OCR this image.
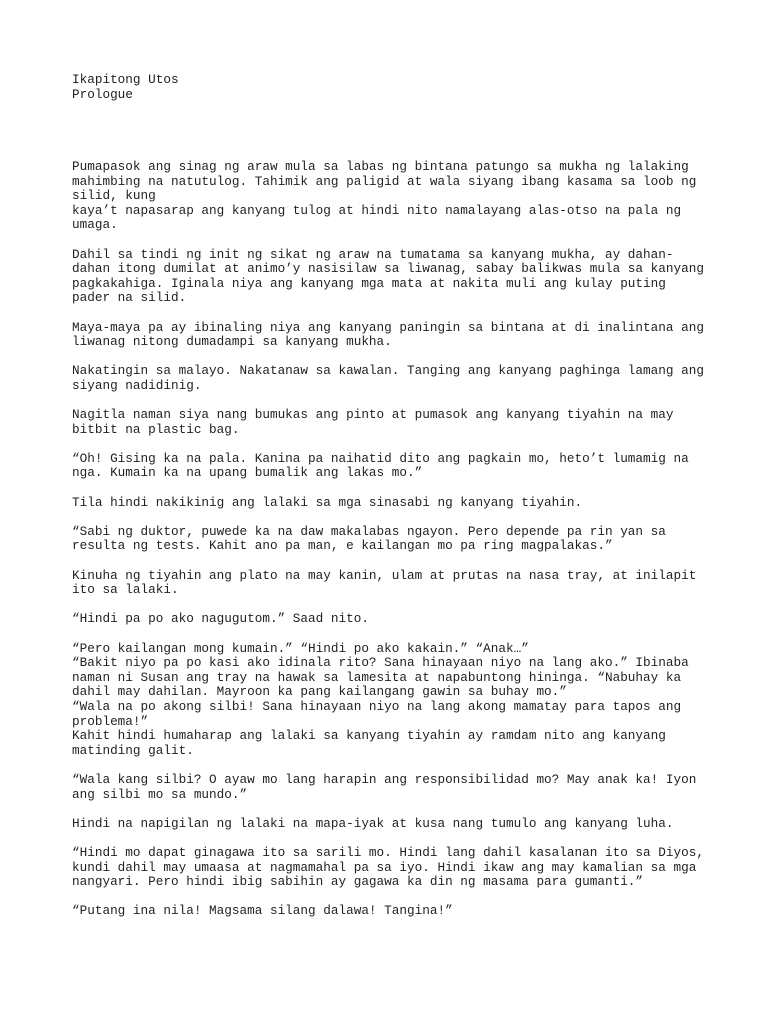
Ikapitong Utos
Prologue
Pumapasok ang sinag ng araw mula sa labas ng bintana patungo sa mukha ng lalaking
mahimbing na natutulog. Tahimik ang paligid at wala siyang ibang kasama sa loob ng
silid, kung
kaya’t napasarap ang kanyang tulog at hindi nito namalayang alas-otso na pala ng
umaga.
Dahil sa tindi ng init ng sikat ng araw na tumatama sa kanyang mukha, ay dahan-
dahan itong dumilat at animo’y nasisilaw sa liwanag, sabay balikwas mula sa kanyang
pagkakahiga. Iginala niya ang kanyang mga mata at nakita muli ang kulay puting
pader na silid.
Maya-maya pa ay ibinaling niya ang kanyang paningin sa bintana at di inalintana ang
liwanag nitong dumadampi sa kanyang mukha.
Nakatingin sa malayo. Nakatanaw sa kawalan. Tanging ang kanyang paghinga lamang ang
siyang nadidinig.
Nagitla naman siya nang bumukas ang pinto at pumasok ang kanyang tiyahin na may
bitbit na plastic bag.
“Oh! Gising ka na pala. Kanina pa naihatid dito ang pagkain mo, heto’t lumamig na
nga. Kumain ka na upang bumalik ang lakas mo.”
Tila hindi nakikinig ang lalaki sa mga sinasabi ng kanyang tiyahin.
“Sabi ng duktor, puwede ka na daw makalabas ngayon. Pero depende pa rin yan sa
resulta ng tests. Kahit ano pa man, e kailangan mo pa ring magpalakas.”
Kinuha ng tiyahin ang plato na may kanin, ulam at prutas na nasa tray, at inilapit
ito sa lalaki.
“Hindi pa po ako nagugutom.” Saad nito.
“Pero kailangan mong kumain.” “Hindi po ako kakain.” “Anak…”
“Bakit niyo pa po kasi ako idinala rito? Sana hinayaan niyo na lang ako.” Ibinaba
naman ni Susan ang tray na hawak sa lamesita at napabuntong hininga. “Nabuhay ka
dahil may dahilan. Mayroon ka pang kailangang gawin sa buhay mo.”
“Wala na po akong silbi! Sana hinayaan niyo na lang akong mamatay para tapos ang
problema!”
Kahit hindi humaharap ang lalaki sa kanyang tiyahin ay ramdam nito ang kanyang
matinding galit.
“Wala kang silbi? O ayaw mo lang harapin ang responsibilidad mo? May anak ka! Iyon
ang silbi mo sa mundo.”
Hindi na napigilan ng lalaki na mapa-iyak at kusa nang tumulo ang kanyang luha.
“Hindi mo dapat ginagawa ito sa sarili mo. Hindi lang dahil kasalanan ito sa Diyos,
kundi dahil may umaasa at nagmamahal pa sa iyo. Hindi ikaw ang may kamalian sa mga
nangyari. Pero hindi ibig sabihin ay gagawa ka din ng masama para gumanti.”
“Putang ina nila! Magsama silang dalawa! Tangina!”
